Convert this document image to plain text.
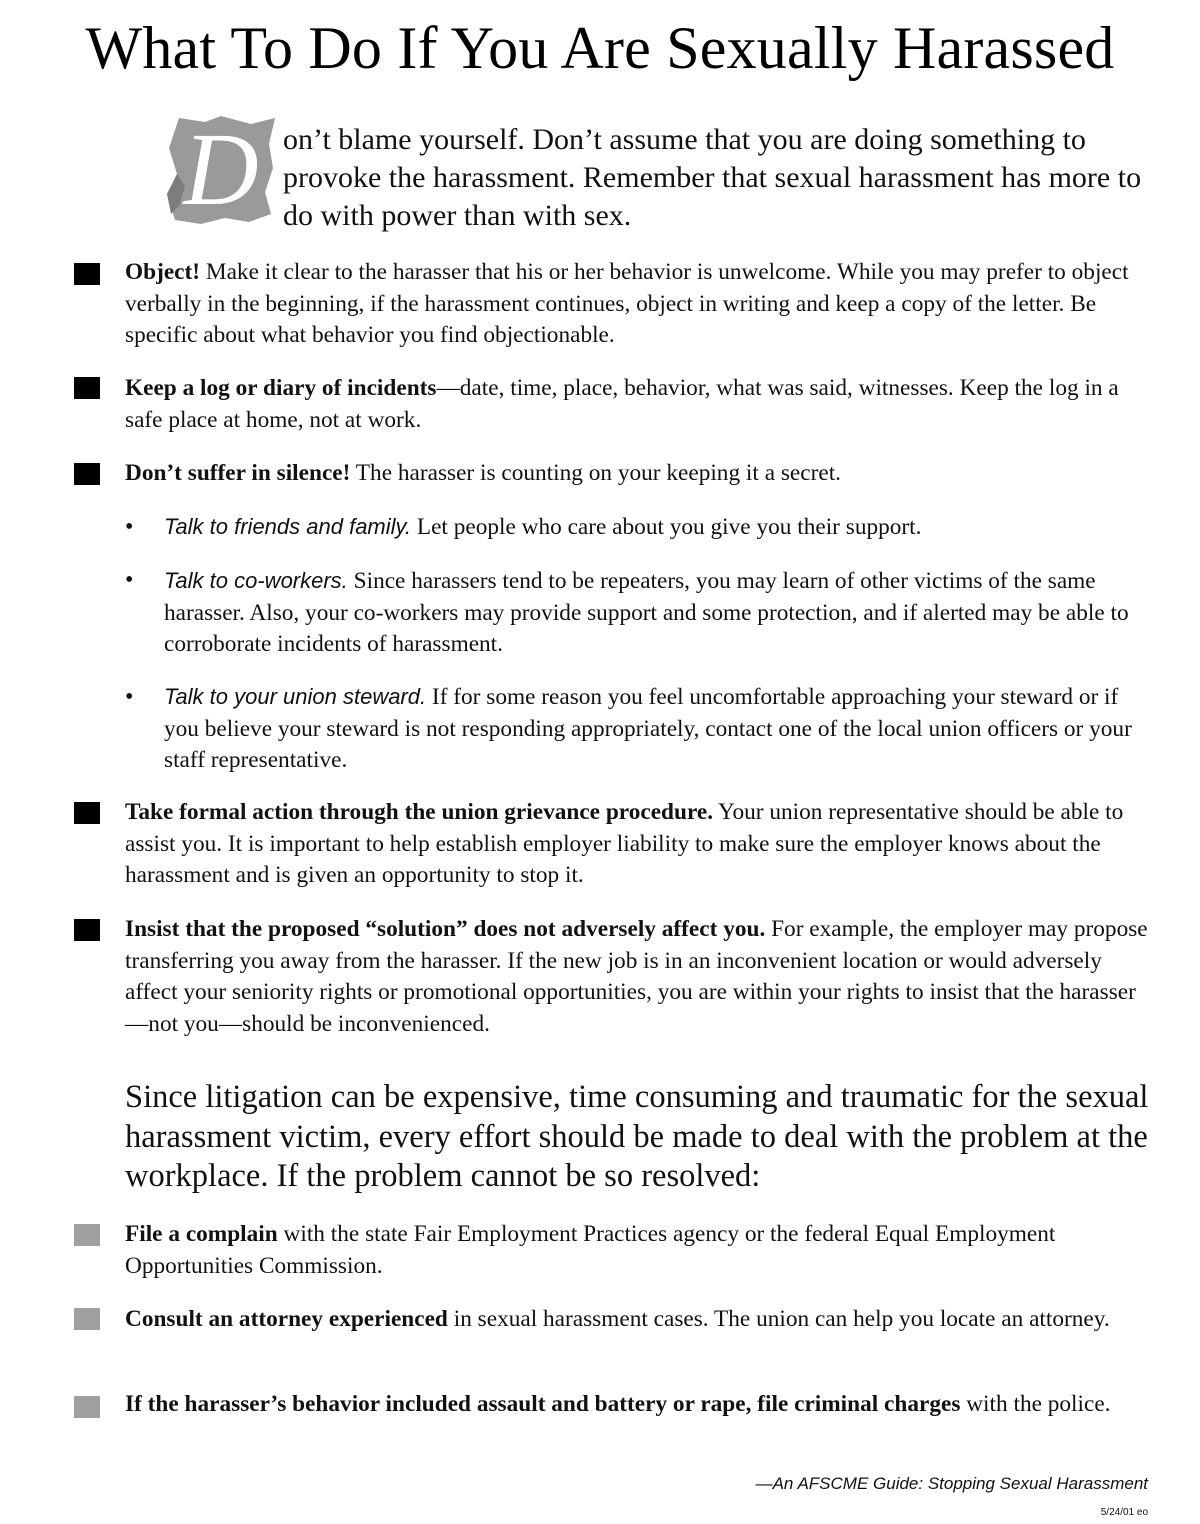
What To Do If You Are Sexually Harassed
D on’t blame yourself. Don’t assume that you are doing something to provoke the harassment. Remember that sexual harassment has more to do with power than with sex.

Object! Make it clear to the harasser that his or her behavior is unwelcome. While you may prefer to object verbally in the beginning, if the harassment continues, object in writing and keep a copy of the letter. Be specific about what behavior you find objectionable.

Keep a log or diary of incidents—date, time, place, behavior, what was said, witnesses. Keep the log in a safe place at home, not at work.

Don’t suffer in silence! The harasser is counting on your keeping it a secret.

• Talk to friends and family. Let people who care about you give you their support.

• Talk to co-workers. Since harassers tend to be repeaters, you may learn of other victims of the same harasser. Also, your co-workers may provide support and some protection, and if alerted may be able to corroborate incidents of harassment.

• Talk to your union steward. If for some reason you feel uncomfortable approaching your steward or if you believe your steward is not responding appropriately, contact one of the local union officers or your staff representative.

Take formal action through the union grievance procedure. Your union representative should be able to assist you. It is important to help establish employer liability to make sure the employer knows about the harassment and is given an opportunity to stop it.

Insist that the proposed “solution” does not adversely affect you. For example, the employer may propose transferring you away from the harasser. If the new job is in an inconvenient location or would adversely affect your seniority rights or promotional opportunities, you are within your rights to insist that the harasser—not you—should be inconvenienced.

Since litigation can be expensive, time consuming and traumatic for the sexual harassment victim, every effort should be made to deal with the problem at the workplace. If the problem cannot be so resolved:

File a complain with the state Fair Employment Practices agency or the federal Equal Employment Opportunities Commission.

Consult an attorney experienced in sexual harassment cases. The union can help you locate an attorney.

If the harasser’s behavior included assault and battery or rape, file criminal charges with the police.

—An AFSCME Guide: Stopping Sexual Harassment
5/24/01 eo
